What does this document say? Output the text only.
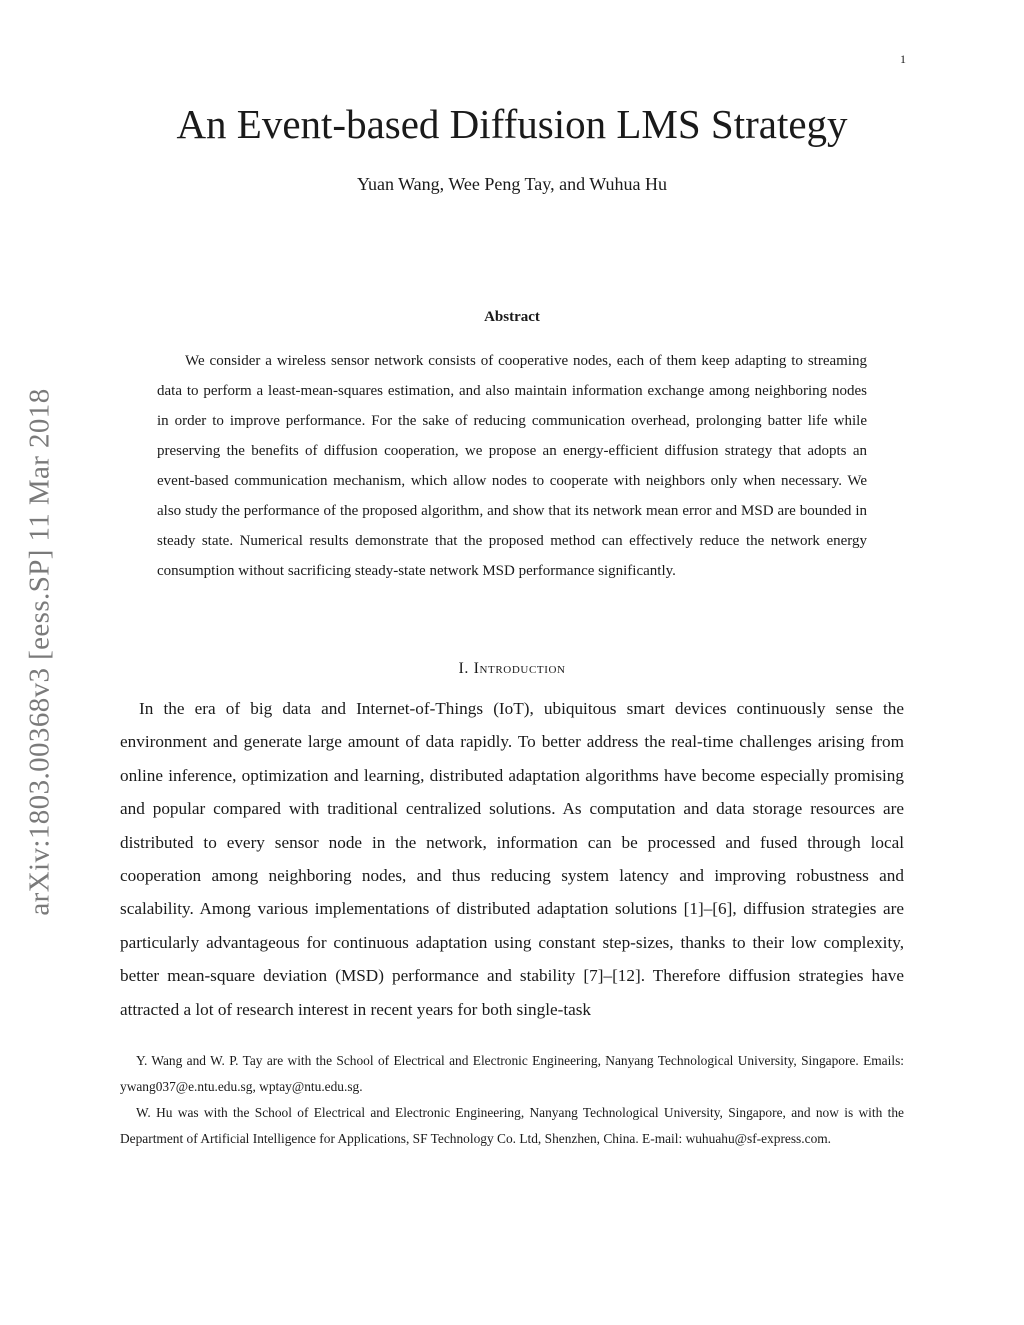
1
arXiv:1803.00368v3 [eess.SP] 11 Mar 2018
An Event-based Diffusion LMS Strategy
Yuan Wang, Wee Peng Tay, and Wuhua Hu
Abstract

We consider a wireless sensor network consists of cooperative nodes, each of them keep adapting to streaming data to perform a least-mean-squares estimation, and also maintain information exchange among neighboring nodes in order to improve performance. For the sake of reducing communication overhead, prolonging batter life while preserving the benefits of diffusion cooperation, we propose an energy-efficient diffusion strategy that adopts an event-based communication mechanism, which allow nodes to cooperate with neighbors only when necessary. We also study the performance of the proposed algorithm, and show that its network mean error and MSD are bounded in steady state. Numerical results demonstrate that the proposed method can effectively reduce the network energy consumption without sacrificing steady-state network MSD performance significantly.

I. Introduction

In the era of big data and Internet-of-Things (IoT), ubiquitous smart devices continuously sense the environment and generate large amount of data rapidly. To better address the real-time challenges arising from online inference, optimization and learning, distributed adaptation algorithms have become especially promising and popular compared with traditional centralized solutions. As computation and data storage resources are distributed to every sensor node in the network, information can be processed and fused through local cooperation among neighboring nodes, and thus reducing system latency and improving robustness and scalability. Among various implementations of distributed adaptation solutions [1]–[6], diffusion strategies are particularly advantageous for continuous adaptation using constant step-sizes, thanks to their low complexity, better mean-square deviation (MSD) performance and stability [7]–[12]. Therefore diffusion strategies have attracted a lot of research interest in recent years for both single-task

Y. Wang and W. P. Tay are with the School of Electrical and Electronic Engineering, Nanyang Technological University, Singapore. Emails: ywang037@e.ntu.edu.sg, wptay@ntu.edu.sg.

W. Hu was with the School of Electrical and Electronic Engineering, Nanyang Technological University, Singapore, and now is with the Department of Artificial Intelligence for Applications, SF Technology Co. Ltd, Shenzhen, China. E-mail: wuhuahu@sf-express.com.
